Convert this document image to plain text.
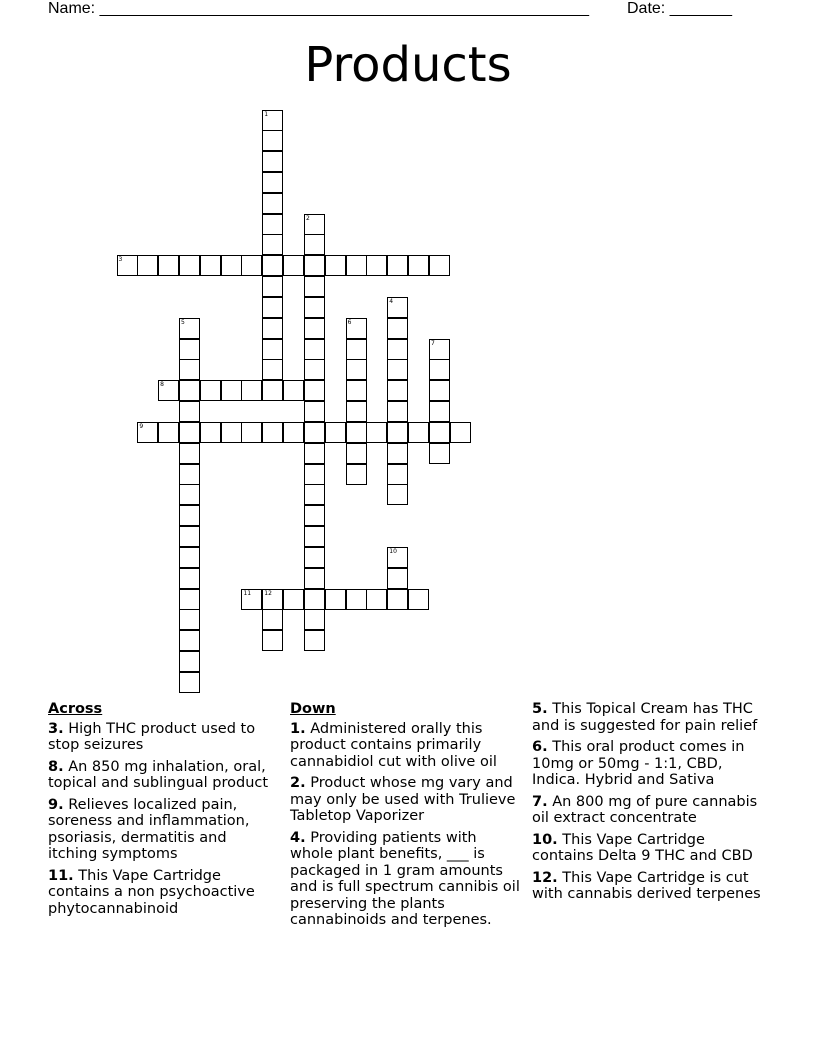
Name: _______________________________________________________ Date: _______
Products
1
2
3
4
5	6
7
8
9
10
11 12
Across
3. High THC product used to stop seizures
8. An 850 mg inhalation, oral, topical and sublingual product
9. Relieves localized pain, soreness and inflammation, psoriasis, dermatitis and itching symptoms
11. This Vape Cartridge contains a non psychoactive phytocannabinoid
Down
1. Administered orally this product contains primarily cannabidiol cut with olive oil
2. Product whose mg vary and may only be used with Trulieve Tabletop Vaporizer
4. Providing patients with whole plant benefits, ___ is packaged in 1 gram amounts and is full spectrum cannibis oil preserving the plants cannabinoids and terpenes.
5. This Topical Cream has THC and is suggested for pain relief
6. This oral product comes in 10mg or 50mg - 1:1, CBD, Indica. Hybrid and Sativa
7. An 800 mg of pure cannabis oil extract concentrate
10. This Vape Cartridge contains Delta 9 THC and CBD
12. This Vape Cartridge is cut with cannabis derived terpenes
